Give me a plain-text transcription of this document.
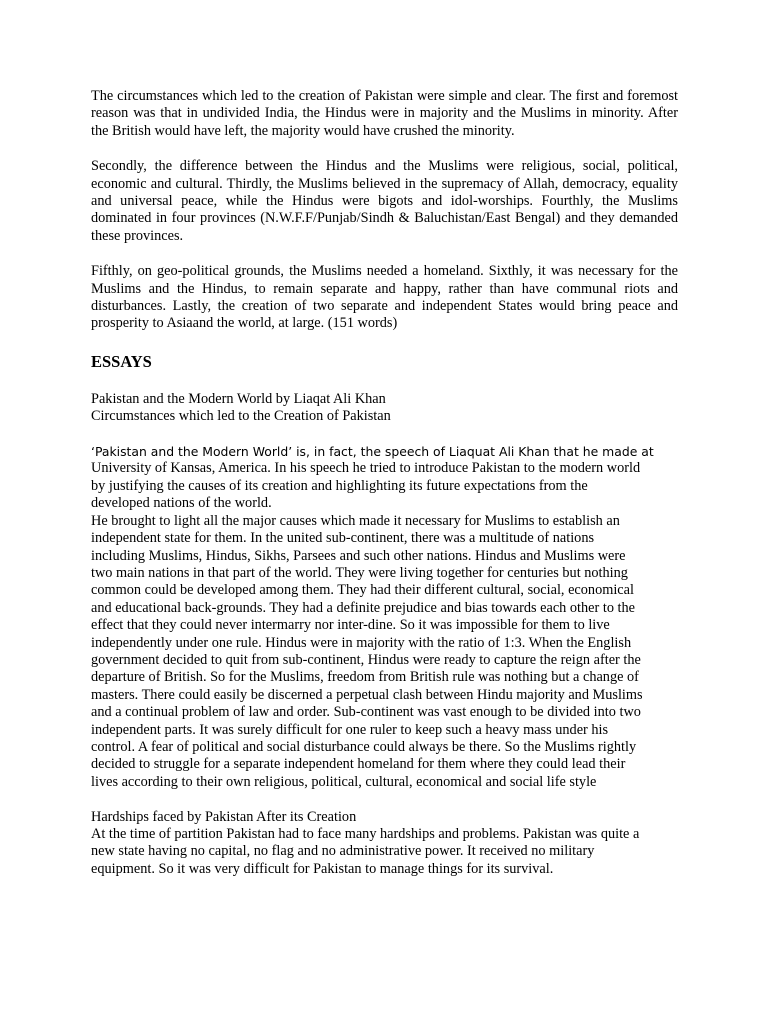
The circumstances which led to the creation of Pakistan were simple and clear. The first and foremost reason was that in undivided India, the Hindus were in majority and the Muslims in minority. After the British would have left, the majority would have crushed the minority.

Secondly, the difference between the Hindus and the Muslims were religious, social, political, economic and cultural. Thirdly, the Muslims believed in the supremacy of Allah, democracy, equality and universal peace, while the Hindus were bigots and idol-worships. Fourthly, the Muslims dominated in four provinces (N.W.F.F/Punjab/Sindh & Baluchistan/East Bengal) and they demanded these provinces.

Fifthly, on geo-political grounds, the Muslims needed a homeland. Sixthly, it was necessary for the Muslims and the Hindus, to remain separate and happy, rather than have communal riots and disturbances. Lastly, the creation of two separate and independent States would bring peace and prosperity to Asiaand the world, at large. (151 words)

ESSAYS
Pakistan and the Modern World by Liaqat Ali Khan
Circumstances which led to the Creation of Pakistan
‘Pakistan and the Modern World’ is, in fact, the speech of Liaquat Ali Khan that he made at
University of Kansas, America. In his speech he tried to introduce Pakistan to the modern world
by justifying the causes of its creation and highlighting its future expectations from the
developed nations of the world.
He brought to light all the major causes which made it necessary for Muslims to establish an
independent state for them. In the united sub-continent, there was a multitude of nations
including Muslims, Hindus, Sikhs, Parsees and such other nations. Hindus and Muslims were
two main nations in that part of the world. They were living together for centuries but nothing
common could be developed among them. They had their different cultural, social, economical
and educational back-grounds. They had a definite prejudice and bias towards each other to the
effect that they could never intermarry nor inter-dine. So it was impossible for them to live
independently under one rule. Hindus were in majority with the ratio of 1:3. When the English
government decided to quit from sub-continent, Hindus were ready to capture the reign after the
departure of British. So for the Muslims, freedom from British rule was nothing but a change of
masters. There could easily be discerned a perpetual clash between Hindu majority and Muslims
and a continual problem of law and order. Sub-continent was vast enough to be divided into two
independent parts. It was surely difficult for one ruler to keep such a heavy mass under his
control. A fear of political and social disturbance could always be there. So the Muslims rightly
decided to struggle for a separate independent homeland for them where they could lead their
lives according to their own religious, political, cultural, economical and social life style
Hardships faced by Pakistan After its Creation
At the time of partition Pakistan had to face many hardships and problems. Pakistan was quite a
new state having no capital, no flag and no administrative power. It received no military
equipment. So it was very difficult for Pakistan to manage things for its survival.
